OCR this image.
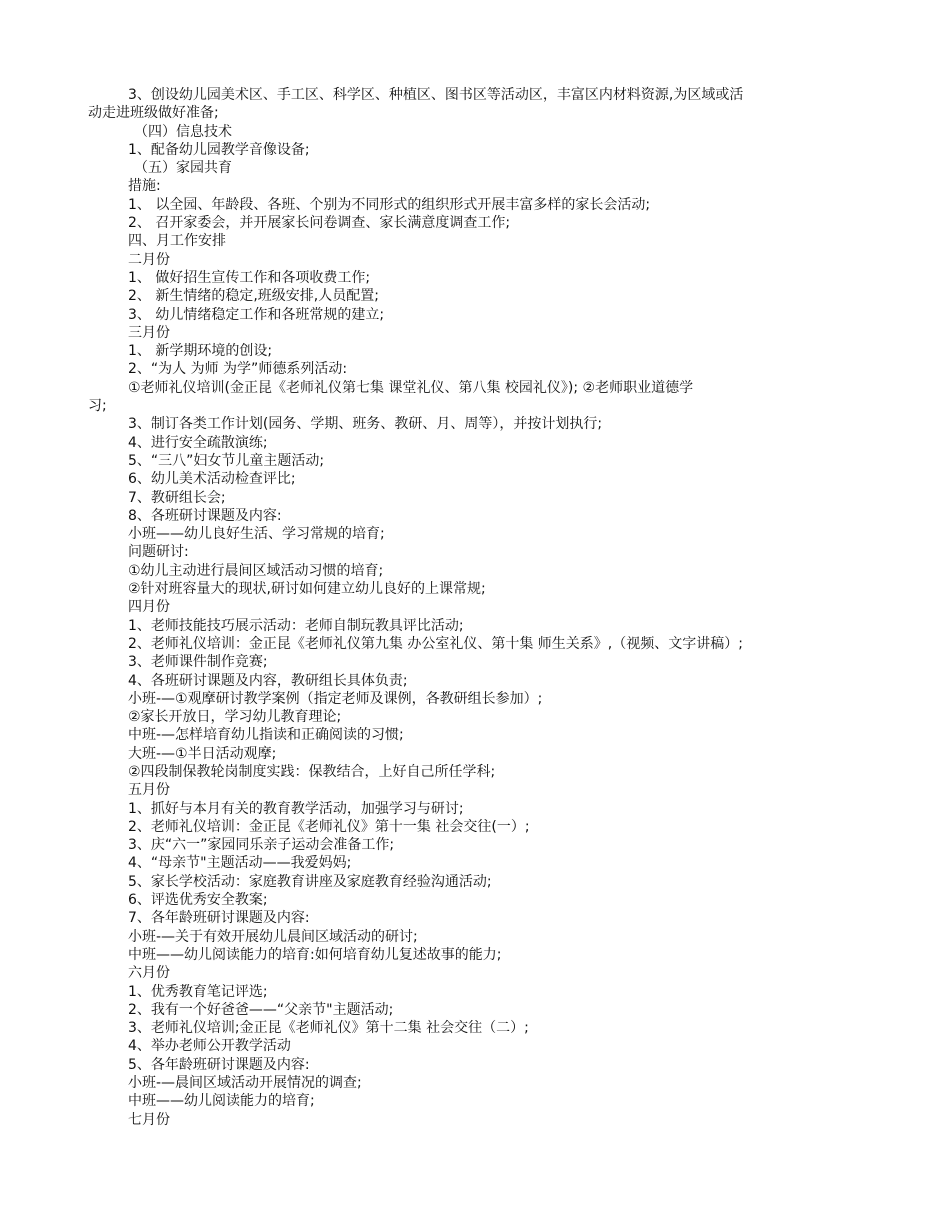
3、创设幼儿园美术区、手工区、科学区、种植区、图书区等活动区，丰富区内材料资源,为区域或活
动走进班级做好准备;
（四）信息技术
1、配备幼儿园教学音像设备;
（五）家园共育
措施:
1、 以全园、年龄段、各班、个别为不同形式的组织形式开展丰富多样的家长会活动;
2、 召开家委会，并开展家长问卷调查、家长满意度调查工作;
四、月工作安排
二月份
1、 做好招生宣传工作和各项收费工作;
2、 新生情绪的稳定,班级安排,人员配置;
3、 幼儿情绪稳定工作和各班常规的建立;
三月份
1、 新学期环境的创设;
2、“为人 为师 为学”师德系列活动:
①老师礼仪培训(金正昆《老师礼仪第七集 课堂礼仪、第八集 校园礼仪》); ②老师职业道德学
习;
3、制订各类工作计划(园务、学期、班务、教研、月、周等），并按计划执行;
4、进行安全疏散演练;
5、“三八”妇女节儿童主题活动;
6、幼儿美术活动检查评比;
7、教研组长会;
8、各班研讨课题及内容:
小班——幼儿良好生活、学习常规的培育;
问题研讨:
①幼儿主动进行晨间区域活动习惯的培育;
②针对班容量大的现状,研讨如何建立幼儿良好的上课常规;
四月份
1、老师技能技巧展示活动：老师自制玩教具评比活动;
2、老师礼仪培训：金正昆《老师礼仪第九集 办公室礼仪、第十集 师生关系》,（视频、文字讲稿）;
3、老师课件制作竞赛;
4、各班研讨课题及内容，教研组长具体负责;
小班-—①观摩研讨教学案例（指定老师及课例，各教研组长参加）;
②家长开放日，学习幼儿教育理论;
中班-—怎样培育幼儿指读和正确阅读的习惯;
大班-—①半日活动观摩;
②四段制保教轮岗制度实践：保教结合，上好自己所任学科;
五月份
1、抓好与本月有关的教育教学活动，加强学习与研讨;
2、老师礼仪培训：金正昆《老师礼仪》第十一集 社会交往(一）;
3、庆“六一”家园同乐亲子运动会准备工作;
4、“母亲节"主题活动——我爱妈妈;
5、家长学校活动：家庭教育讲座及家庭教育经验沟通活动;
6、评选优秀安全教案;
7、各年龄班研讨课题及内容:
小班-—关于有效开展幼儿晨间区域活动的研讨;
中班——幼儿阅读能力的培育:如何培育幼儿复述故事的能力;
六月份
1、优秀教育笔记评选;
2、我有一个好爸爸——“父亲节"主题活动;
3、老师礼仪培训;金正昆《老师礼仪》第十二集 社会交往（二）;
4、举办老师公开教学活动
5、各年龄班研讨课题及内容:
小班-—晨间区域活动开展情况的调查;
中班——幼儿阅读能力的培育;
七月份
